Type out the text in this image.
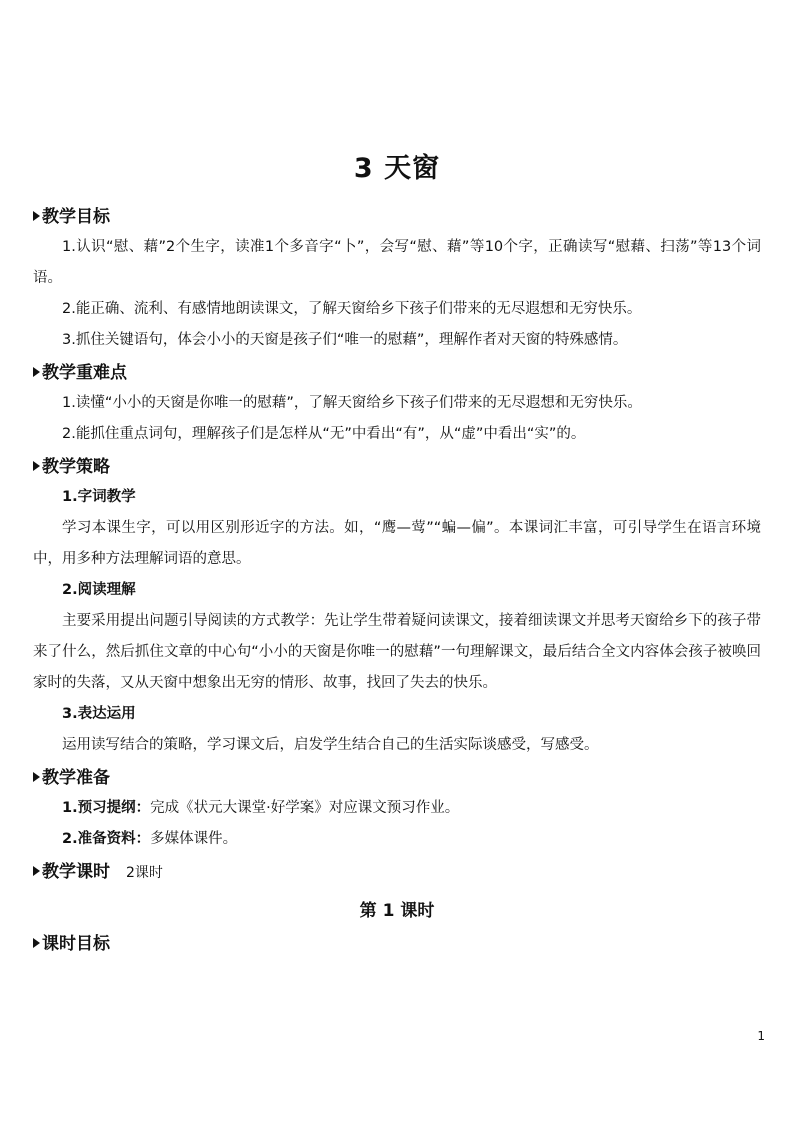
3 天窗
教学目标
1.认识“慰、藉”2个生字，读准1个多音字“卜”，会写“慰、藉”等10个字，正确读写“慰藉、扫荡”等13个词语。
2.能正确、流利、有感情地朗读课文，了解天窗给乡下孩子们带来的无尽遐想和无穷快乐。
3.抓住关键语句，体会小小的天窗是孩子们“唯一的慰藉”，理解作者对天窗的特殊感情。
教学重难点
1.读懂“小小的天窗是你唯一的慰藉”，了解天窗给乡下孩子们带来的无尽遐想和无穷快乐。
2.能抓住重点词句，理解孩子们是怎样从“无”中看出“有”，从“虚”中看出“实”的。
教学策略
1.字词教学
学习本课生字，可以用区别形近字的方法。如，“鹰—莺”“蝙—偏”。本课词汇丰富，可引导学生在语言环境中，用多种方法理解词语的意思。
2.阅读理解
主要采用提出问题引导阅读的方式教学：先让学生带着疑问读课文，接着细读课文并思考天窗给乡下的孩子带来了什么，然后抓住文章的中心句“小小的天窗是你唯一的慰藉”一句理解课文，最后结合全文内容体会孩子被唤回家时的失落，又从天窗中想象出无穷的情形、故事，找回了失去的快乐。
3.表达运用
运用读写结合的策略，学习课文后，启发学生结合自己的生活实际谈感受，写感受。
教学准备
1.预习提纲：完成《状元大课堂·好学案》对应课文预习作业。
2.准备资料：多媒体课件。
教学课时 2课时
第 1 课时
课时目标
1
